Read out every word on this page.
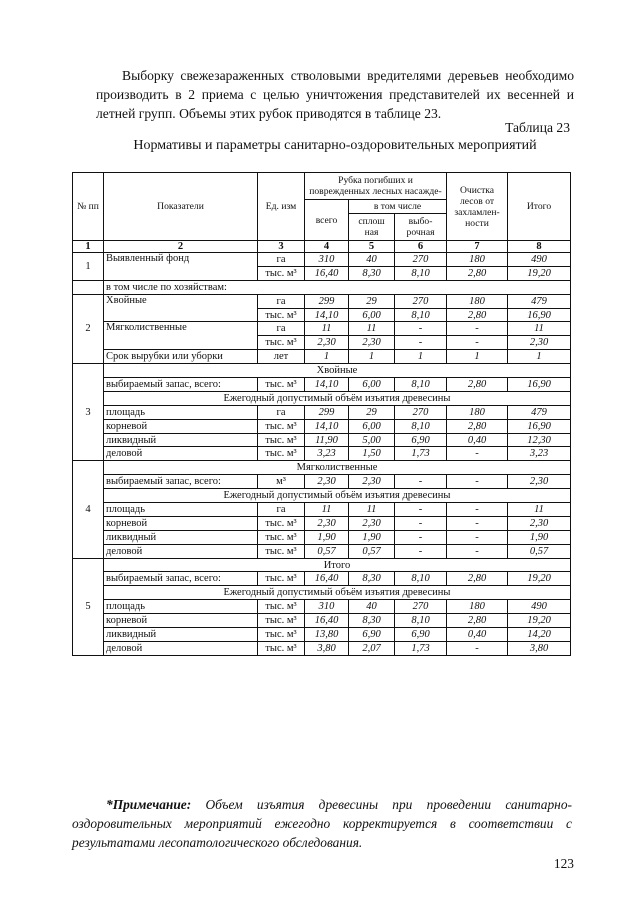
Выборку свежезараженных стволовыми вредителями деревьев необходимо производить в 2 приема с целью уничтожения представителей их весенней и летней групп. Объемы этих рубок приводятся в таблице 23.

Таблица 23
Нормативы и параметры санитарно-оздоровительных мероприятий
№ пп	Показатели	Ед. изм	Рубка погибших и поврежденных лесных насажде-			Очистка лесов от захламлен-ности	Итого
			всего	в том числе			
				сплош ная	выбо-рочная		
1	2	3	4	5	6	7	8
1	Выявленный фонд	га	310	40	270	180	490
		тыс. м³	16,40	8,30	8,10	2,80	19,20
	в том числе по хозяйствам:						
2	Хвойные	га	299	29	270	180	479
		тыс. м³	14,10	6,00	8,10	2,80	16,90
	Мягколиственные	га	11	11	-	-	11
		тыс. м³	2,30	2,30	-	-	2,30
	Срок вырубки или уборки	лет	1	1	1	1	1
3	Хвойные						
	выбираемый запас, всего:	тыс. м³	14,10	6,00	8,10	2,80	16,90
	Ежегодный допустимый объём изъятия древесины						
	площадь	га	299	29	270	180	479
	корневой	тыс. м³	14,10	6,00	8,10	2,80	16,90
	ликвидный	тыс. м³	11,90	5,00	6,90	0,40	12,30
	деловой	тыс. м³	3,23	1,50	1,73	-	3,23
4	Мягколиственные						
	выбираемый запас, всего:	м³	2,30	2,30	-	-	2,30
	Ежегодный допустимый объём изъятия древесины						
	площадь	га	11	11	-	-	11
	корневой	тыс. м³	2,30	2,30	-	-	2,30
	ликвидный	тыс. м³	1,90	1,90	-	-	1,90
	деловой	тыс. м³	0,57	0,57	-	-	0,57
5	Итого						
	выбираемый запас, всего:	тыс. м³	16,40	8,30	8,10	2,80	19,20
	Ежегодный допустимый объём изъятия древесины						
	площадь	тыс. м³	310	40	270	180	490
	корневой	тыс. м³	16,40	8,30	8,10	2,80	19,20
	ликвидный	тыс. м³	13,80	6,90	6,90	0,40	14,20
	деловой	тыс. м³	3,80	2,07	1,73	-	3,80

*Примечание: Объем изъятия древесины при проведении санитарно-оздоровительных мероприятий ежегодно корректируется в соответствии с результатами лесопатологического обследования.

123
